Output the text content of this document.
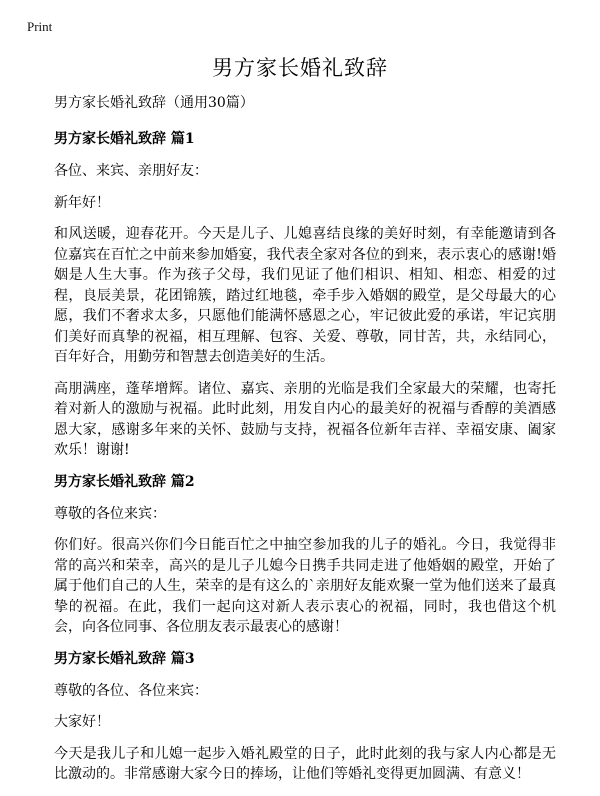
Print
男方家长婚礼致辞
男方家长婚礼致辞（通用30篇）
男方家长婚礼致辞 篇1
各位、来宾、亲朋好友：
新年好！
和风送暖，迎春花开。今天是儿子、儿媳喜结良缘的美好时刻，有幸能邀请到各位嘉宾在百忙之中前来参加婚宴，我代表全家对各位的到来，表示衷心的感谢!婚姻是人生大事。作为孩子父母，我们见证了他们相识、相知、相恋、相爱的过程，良辰美景，花团锦簇，踏过红地毯，牵手步入婚姻的殿堂，是父母最大的心愿，我们不奢求太多，只愿他们能满怀感恩之心，牢记彼此爱的承诺，牢记宾朋们美好而真挚的祝福，相互理解、包容、关爱、尊敬，同甘苦，共，永结同心，百年好合，用勤劳和智慧去创造美好的生活。
高朋满座，蓬荜增辉。诸位、嘉宾、亲朋的光临是我们全家最大的荣耀，也寄托着对新人的激励与祝福。此时此刻，用发自内心的最美好的祝福与香醇的美酒感恩大家，感谢多年来的关怀、鼓励与支持，祝福各位新年吉祥、幸福安康、阖家欢乐！谢谢!
男方家长婚礼致辞 篇2
尊敬的各位来宾：
你们好。很高兴你们今日能百忙之中抽空参加我的儿子的婚礼。今日，我觉得非常的高兴和荣幸，高兴的是儿子儿媳今日携手共同走进了他婚姻的殿堂，开始了属于他们自己的人生，荣幸的是有这么的`亲朋好友能欢聚一堂为他们送来了最真挚的祝福。在此，我们一起向这对新人表示衷心的祝福，同时，我也借这个机会，向各位同事、各位朋友表示最衷心的感谢！
男方家长婚礼致辞 篇3
尊敬的各位、各位来宾：
大家好！
今天是我儿子和儿媳一起步入婚礼殿堂的日子，此时此刻的我与家人内心都是无比激动的。非常感谢大家今日的捧场，让他们等婚礼变得更加圆满、有意义！
